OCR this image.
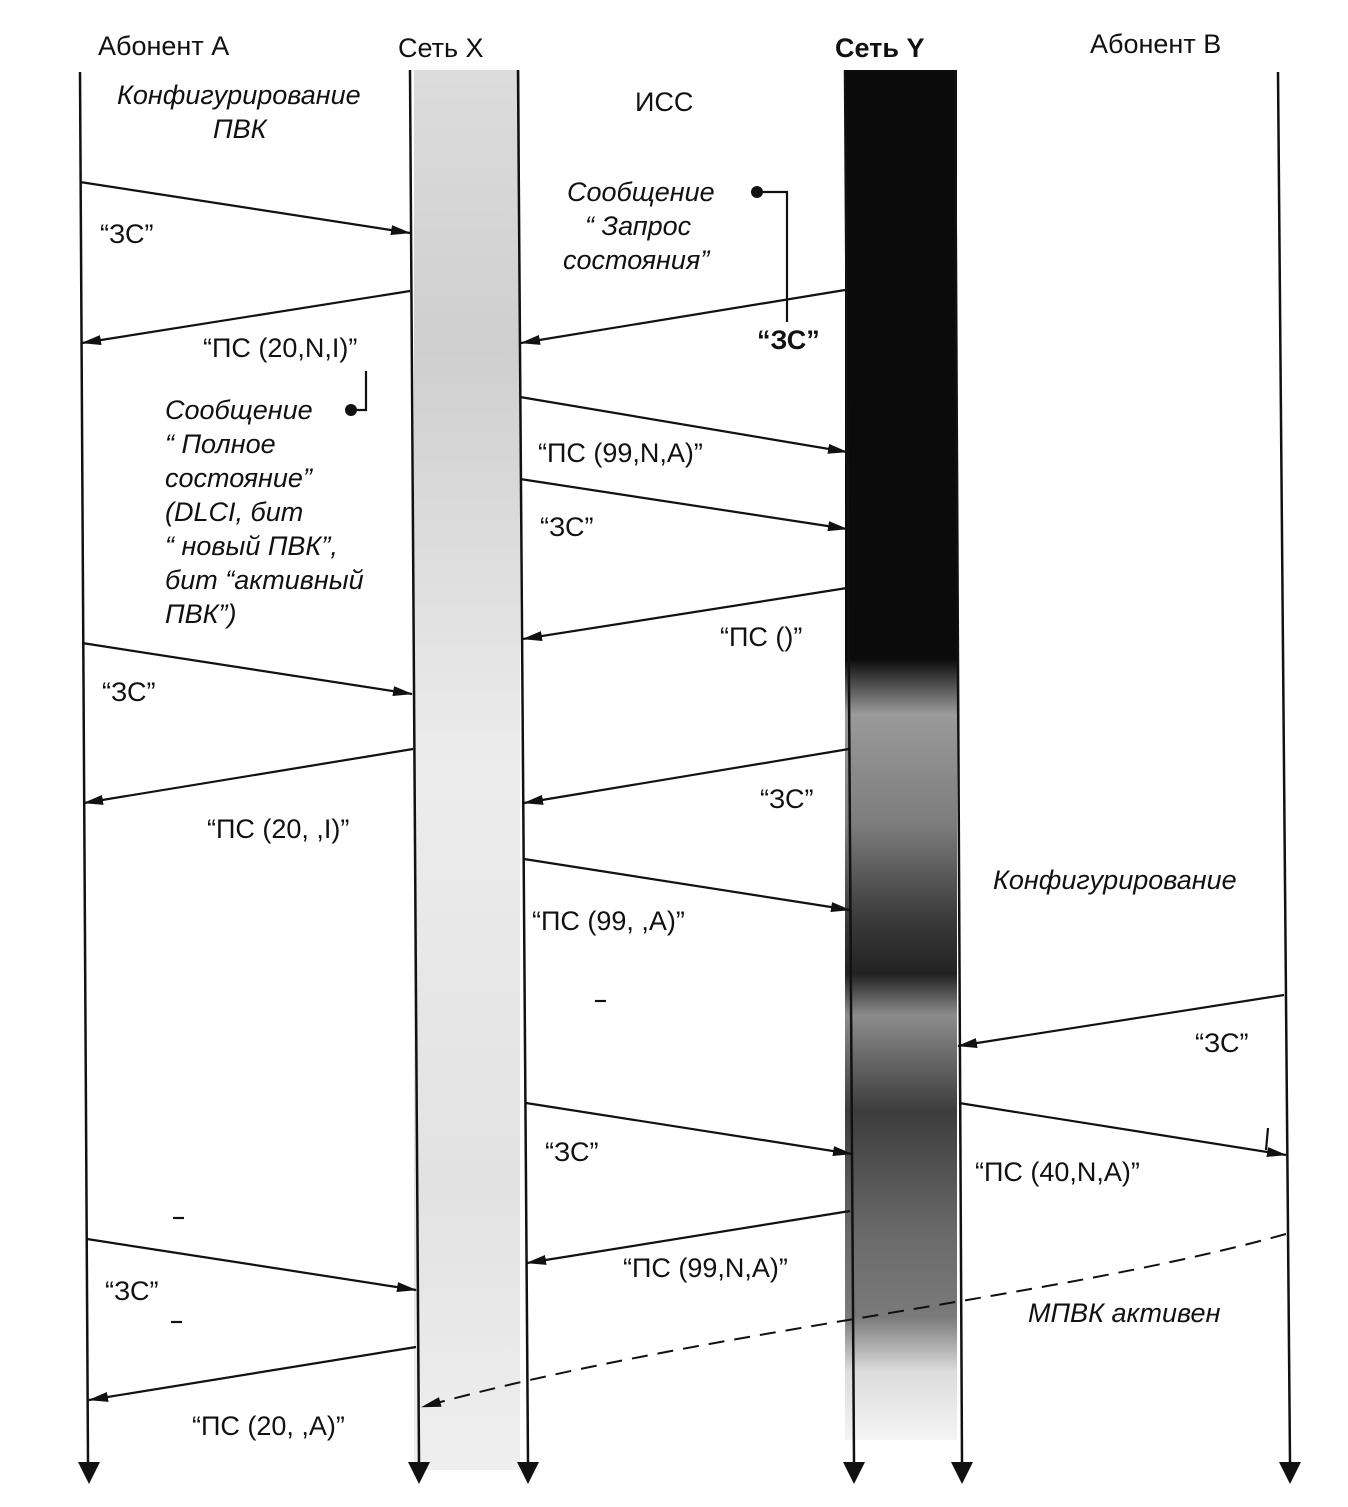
Абонент А	Сеть Х	Сеть Y	Абонент В
ИСС
Конфигурирование
ПВК
Сообщение
“ Запрос
состояния”
Сообщение
“ Полное
состояние”
(DLCI, бит
“ новый ПВК”,
бит “активный
ПВК”)
Конфигурирование
МПВК активен
“ЗС”
“ПС (20,N,I)”	“ЗС”
“ПС (99,N,A)”
“ЗС”
“ПС ()”
“ЗС”
“ЗС”
“ПС (20, ,I)”
“ПС (99, ,A)”
“ЗС”
“ЗС”
“ПС (40,N,A)”
“ЗС”
“ПС (99,N,A)”
“ПС (20, ,A)”
